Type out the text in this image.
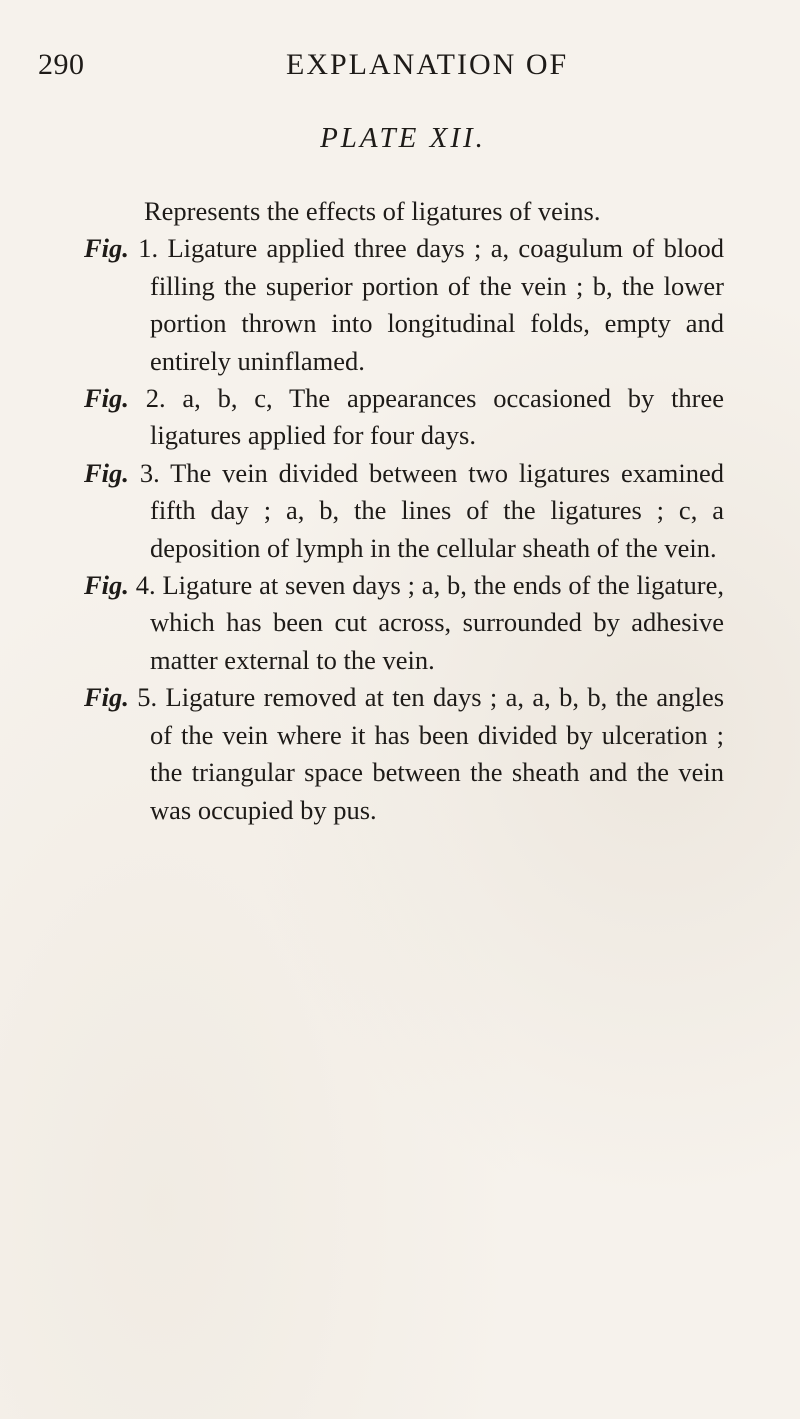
290	EXPLANATION OF
PLATE XII.
Represents the effects of ligatures of veins.
Fig. 1. Ligature applied three days ; a, coagulum of blood filling the superior portion of the vein ; b, the lower portion thrown into longitudinal folds, empty and entirely uninflamed.
Fig. 2. a, b, c, The appearances occasioned by three ligatures applied for four days.
Fig. 3. The vein divided between two ligatures examined fifth day ; a, b, the lines of the ligatures ; c, a deposition of lymph in the cellular sheath of the vein.
Fig. 4. Ligature at seven days ; a, b, the ends of the ligature, which has been cut across, surrounded by adhesive matter external to the vein.
Fig. 5. Ligature removed at ten days ; a, a, b, b, the angles of the vein where it has been divided by ulceration ; the triangular space between the sheath and the vein was occupied by pus.
